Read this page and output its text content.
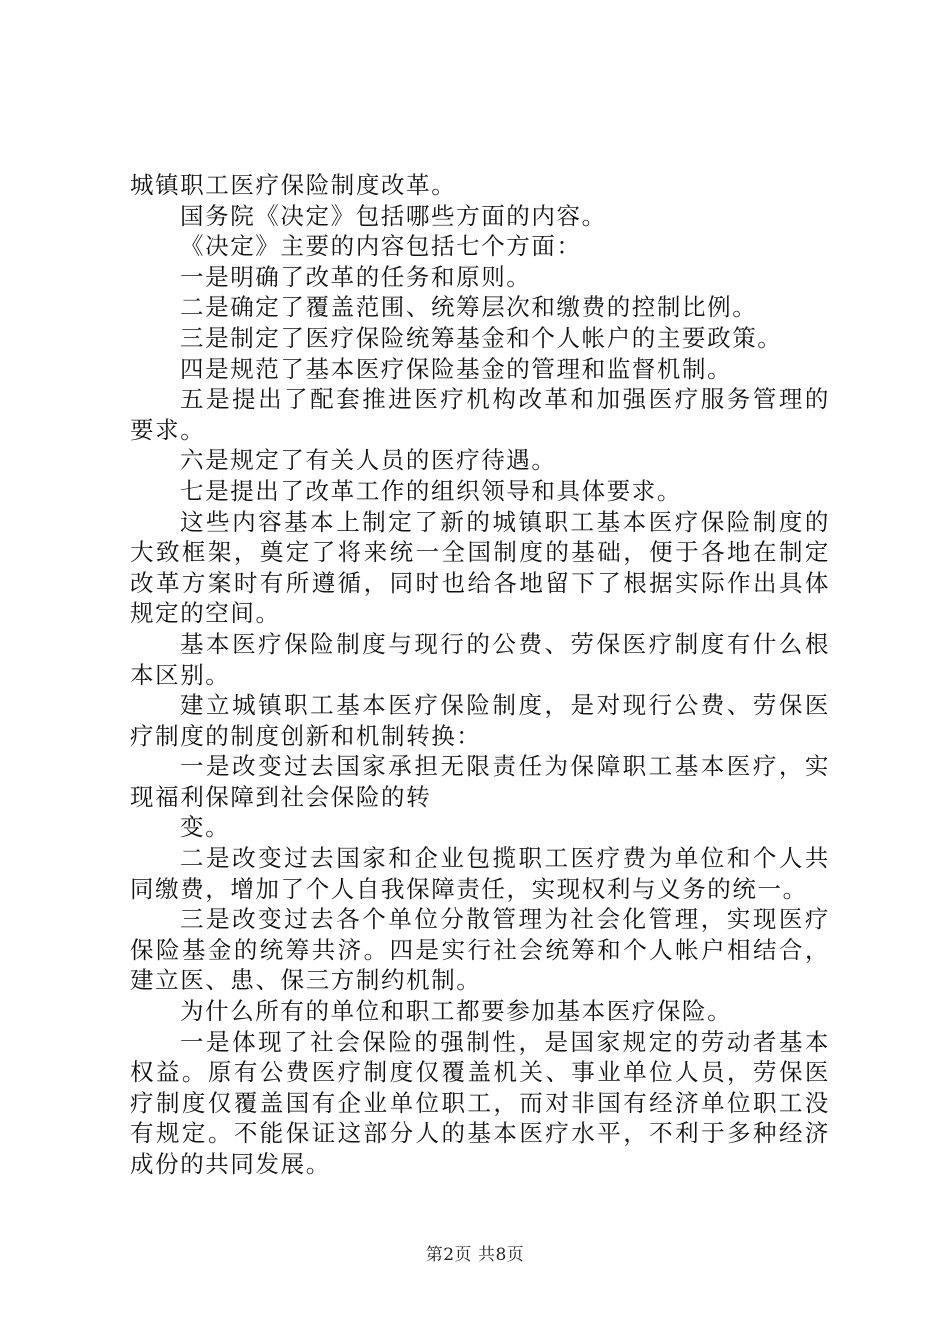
城镇职工医疗保险制度改革。

国务院《决定》包括哪些方面的内容。

《决定》主要的内容包括七个方面：

一是明确了改革的任务和原则。

二是确定了覆盖范围、统筹层次和缴费的控制比例。

三是制定了医疗保险统筹基金和个人帐户的主要政策。

四是规范了基本医疗保险基金的管理和监督机制。

五是提出了配套推进医疗机构改革和加强医疗服务管理的要求。

六是规定了有关人员的医疗待遇。

七是提出了改革工作的组织领导和具体要求。

这些内容基本上制定了新的城镇职工基本医疗保险制度的大致框架，奠定了将来统一全国制度的基础，便于各地在制定改革方案时有所遵循，同时也给各地留下了根据实际作出具体规定的空间。

基本医疗保险制度与现行的公费、劳保医疗制度有什么根本区别。

建立城镇职工基本医疗保险制度，是对现行公费、劳保医疗制度的制度创新和机制转换：

一是改变过去国家承担无限责任为保障职工基本医疗，实现福利保障到社会保险的转

变。

二是改变过去国家和企业包揽职工医疗费为单位和个人共同缴费，增加了个人自我保障责任，实现权利与义务的统一。

三是改变过去各个单位分散管理为社会化管理，实现医疗保险基金的统筹共济。四是实行社会统筹和个人帐户相结合，建立医、患、保三方制约机制。

为什么所有的单位和职工都要参加基本医疗保险。

一是体现了社会保险的强制性，是国家规定的劳动者基本权益。原有公费医疗制度仅覆盖机关、事业单位人员，劳保医疗制度仅覆盖国有企业单位职工，而对非国有经济单位职工没有规定。不能保证这部分人的基本医疗水平，不利于多种经济成份的共同发展。

第2页 共8页
